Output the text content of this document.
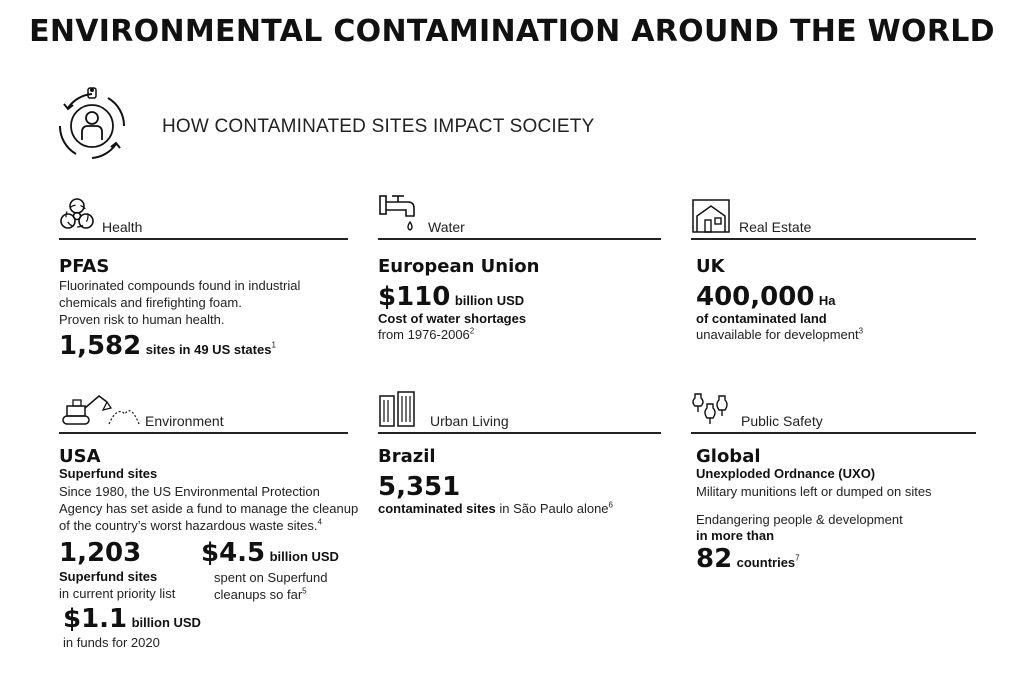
ENVIRONMENTAL CONTAMINATION AROUND THE WORLD
HOW CONTAMINATED SITES IMPACT SOCIETY
Health
PFAS
Fluorinated compounds found in industrial
chemicals and firefighting foam.
Proven risk to human health.
1,582 sites in 49 US states$^1$
Water
European Union
$110 billion USD
Cost of water shortages
from 1976-2006$^2$
Real Estate
UK
400,000 Ha
of contaminated land
unavailable for development$^3$
Environment
USA
Superfund sites
Since 1980, the US Environmental Protection
Agency has set aside a fund to manage the cleanup
of the country’s worst hazardous waste sites.$^4$
1,203
Superfund sites
in current priority list
$4.5 billion USD
spent on Superfund
cleanups so far$^5$
$1.1 billion USD
in funds for 2020
Urban Living
Brazil
5,351
contaminated sites in São Paulo alone$^6$
Public Safety
Global
Unexploded Ordnance (UXO)
Military munitions left or dumped on sites
Endangering people & development
in more than
82 countries$^7$
